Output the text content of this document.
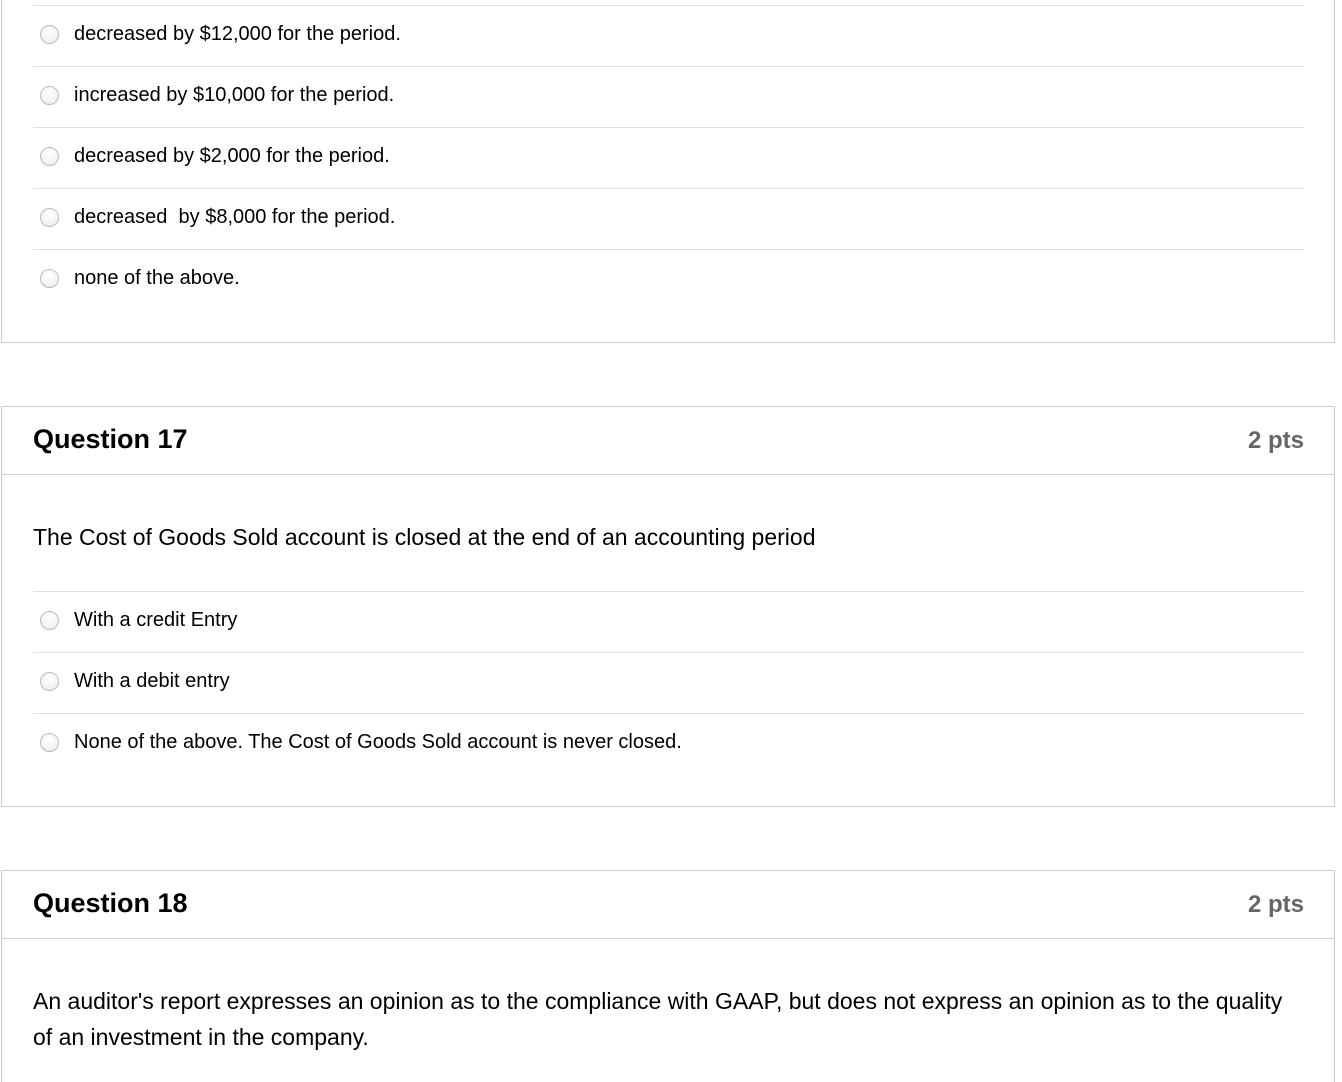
decreased by $12,000 for the period.
increased by $10,000 for the period.
decreased by $2,000 for the period.
decreased  by $8,000 for the period.
none of the above.
Question 17	2 pts
The Cost of Goods Sold account is closed at the end of an accounting period
With a credit Entry
With a debit entry
None of the above. The Cost of Goods Sold account is never closed.
Question 18	2 pts
An auditor's report expresses an opinion as to the compliance with GAAP, but does not express an opinion as to the quality of an investment in the company.
